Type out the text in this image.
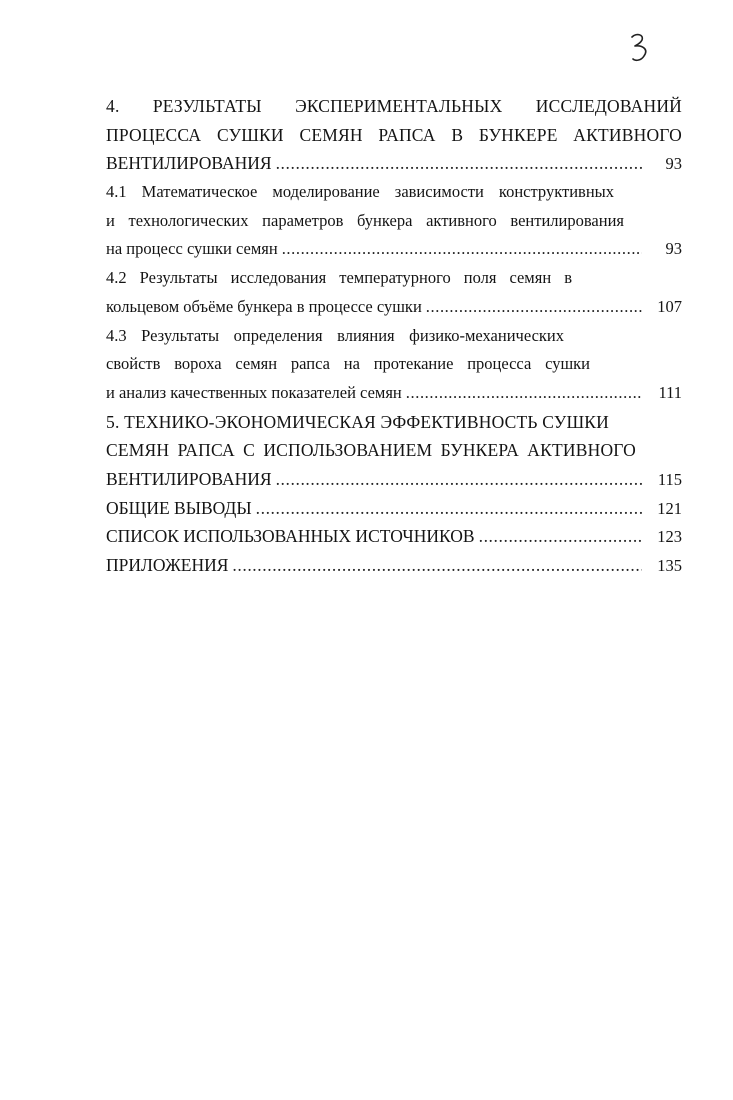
4. РЕЗУЛЬТАТЫ ЭКСПЕРИМЕНТАЛЬНЫХ ИССЛЕДОВАНИЙ
ПРОЦЕССА СУШКИ СЕМЯН РАПСА В БУНКЕРЕ АКТИВНОГО
ВЕНТИЛИРОВАНИЯ .....	93
4.1 Математическое моделирование зависимости конструктивных
и технологических параметров бункера активного вентилирования
на процесс сушки семян .....	93
4.2 Результаты исследования температурного поля семян в
кольцевом объёме бункера в процессе сушки .....	107
4.3 Результаты определения влияния физико-механических
свойств вороха семян рапса на протекание процесса сушки
и анализ качественных показателей семян .....	111
5. ТЕХНИКО-ЭКОНОМИЧЕСКАЯ ЭФФЕКТИВНОСТЬ СУШКИ
СЕМЯН РАПСА С ИСПОЛЬЗОВАНИЕМ БУНКЕРА АКТИВНОГО
ВЕНТИЛИРОВАНИЯ .....	115
ОБЩИЕ ВЫВОДЫ .....	121
СПИСОК ИСПОЛЬЗОВАННЫХ ИСТОЧНИКОВ .....	123
ПРИЛОЖЕНИЯ .....	135
